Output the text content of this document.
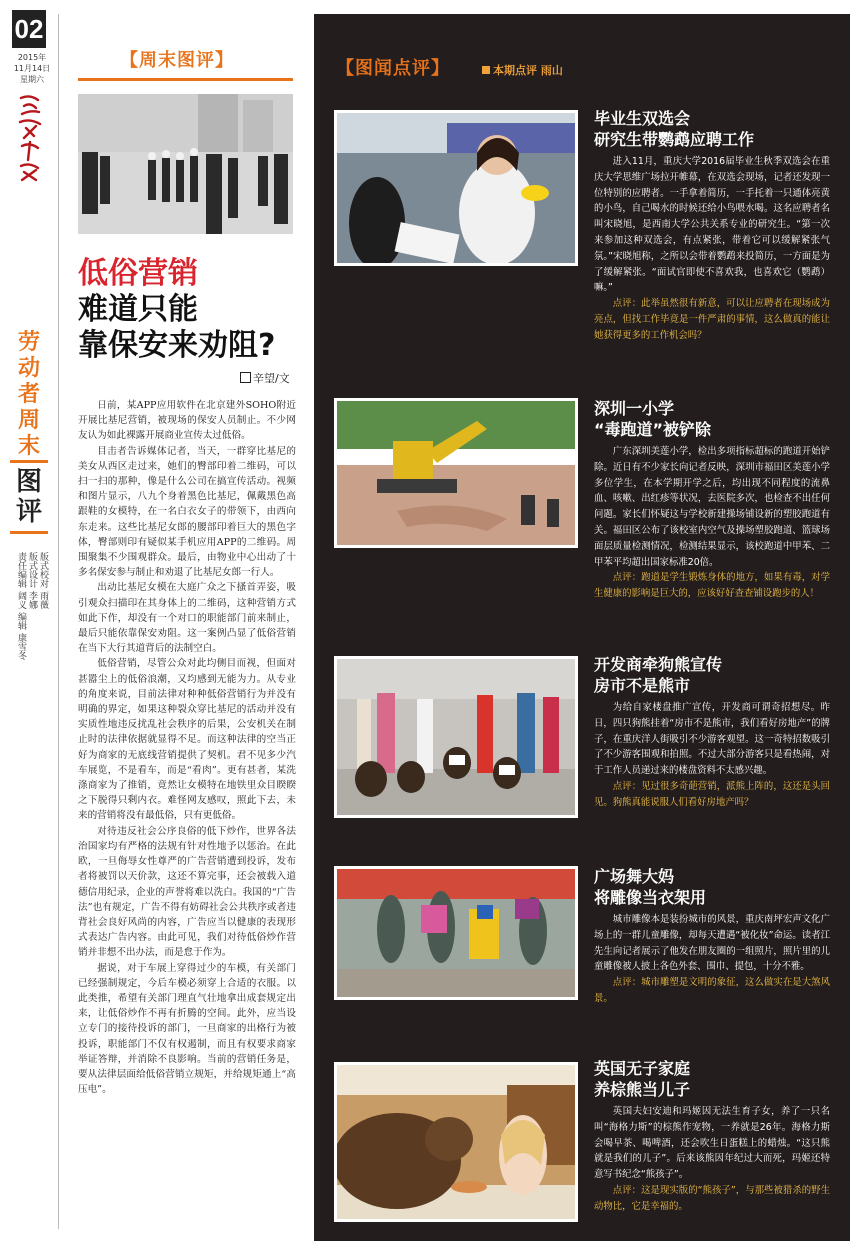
02
2015年
11月14日
星期六
劳动者周末
图
评
版式校对 雨薇
版式设计 李娜
责任编辑 阔义
编辑 康雪冬
【周末图评】
低俗营销
难道只能
靠保安来劝阻?
辛望/文

日前，某APP应用软件在北京建外SOHO附近开展比基尼营销，被现场的保安人员制止。不少网友认为如此裸露开展商业宣传太过低俗。

目击者告诉媒体记者，当天，一群穿比基尼的美女从西区走过来，她们的臀部印着二维码，可以扫一扫的那种，像是什么公司在搞宣传活动。视频和图片显示，八九个身着黑色比基尼，佩戴黑色高跟鞋的女模特，在一名白衣女子的带领下，由西向东走来。这些比基尼女郎的腰部印着巨大的黑色字体，臀部则印有疑似某手机应用APP的二维码。周围聚集不少围观群众。最后，由物业中心出动了十多名保安参与制止和劝退了比基尼女郎一行人。

出动比基尼女模在大庭广众之下搔首弄姿，吸引观众扫描印在其身体上的二维码，这种营销方式如此下作，却没有一个对口的职能部门前来制止，最后只能依靠保安劝阻。这一案例凸显了低俗营销在当下大行其道背后的法制空白。

低俗营销，尽管公众对此均侧目而视，但面对甚嚣尘上的低俗浪潮，又均感到无能为力。从专业的角度来说，目前法律对种种低俗营销行为并没有明确的界定，如果这种裂众穿比基尼的活动并没有实质性地违反扰乱社会秩序的后果，公安机关在制止时的法律依据就显得不足。而这种法律的空当正好为商家的无底线营销提供了契机。君不见多少汽车展览，不是看车，而是“看肉”。更有甚者，某洗涤商家为了推销，竟然让女模特在地铁里众目睽睽之下脱得只剩内衣。难怪网友感叹，照此下去，未来的营销将没有最低俗，只有更低俗。

对待违反社会公序良俗的低下炒作，世界各法治国家均有严格的法规有针对性地予以惩治。在此欧，一旦侮辱女性尊严的广告营销遭到投诉，发布者将被罚以天价款，这还不算完事，还会被载入道德信用纪录，企业的声誉将难以洗白。我国的“广告法”也有规定，广告不得有妨碍社会公共秩序或者违背社会良好风尚的内容，广告应当以健康的表现形式表达广告内容。由此可见，我们对待低俗炒作营销并非想不出办法，而是怠于作为。

据说，对于车展上穿得过少的车模，有关部门已经强制规定，今后车模必须穿上合适的衣服。以此类推，希望有关部门理直气壮地拿出成套规定出来，让低俗炒作不再有折腾的空间。此外，应当设立专门的接待投诉的部门，一旦商家的出格行为被投诉，职能部门不仅有权遏制，而且有权要求商家举证答辩，并消除不良影响。当前的营销任务是，要从法律层面给低俗营销立规矩，并给规矩通上“高压电”。

【图闻点评】	本期点评 雨山
毕业生双选会
研究生带鹦鹉应聘工作

进入11月，重庆大学2016届毕业生秋季双选会在重庆大学思维广场拉开帷幕，在双选会现场，记者还发现一位特别的应聘者。一手拿着简历，一手托着一只通体亮黄的小鸟，自己喝水的时候还给小鸟喂水喝。这名应聘者名叫宋晓旭，是西南大学公共关系专业的研究生。“第一次来参加这种双选会，有点紧张，带着它可以缓解紧张气氛。”宋晓旭称，之所以会带着鹦鹉来投简历，一方面是为了缓解紧张。“面试官即使不喜欢我，也喜欢它（鹦鹉）嘛。”

点评：此举虽然很有新意，可以让应聘者在现场成为亮点，但找工作毕竟是一件严肃的事情，这么做真的能让她获得更多的工作机会吗？

深圳一小学
“毒跑道”被铲除

广东深圳美莲小学，检出多项指标超标的跑道开始铲除。近日有不少家长向记者反映，深圳市福田区美莲小学多位学生，在本学期开学之后，均出现不同程度的流鼻血、咳嗽、出红疹等状况，去医院多次，也检查不出任何问题。家长们怀疑这与学校新建操场铺设新的塑胶跑道有关。福田区公布了该校室内空气及操场塑胶跑道、篮球场面层质量检测情况，检测结果显示，该校跑道中甲苯、二甲苯平均超出国家标准20倍。

点评：跑道是学生锻炼身体的地方，如果有毒，对学生健康的影响是巨大的，应该好好查查铺设跑步的人！

开发商牵狗熊宣传
房市不是熊市

为给自家楼盘推广宣传，开发商可谓奇招想尽。昨日，四只狗熊挂着“房市不是熊市，我们看好房地产”的牌子，在重庆洋人街吸引不少游客观望。这一奇特招数吸引了不少游客围观和拍照。不过大部分游客只是看热闹，对于工作人员递过来的楼盘资料不太感兴趣。

点评：见过很多奇葩营销，派熊上阵的，这还是头回见。狗熊真能说服人们看好房地产吗？

广场舞大妈
将雕像当衣架用

城市雕像本是装扮城市的风景，重庆南坪宏声文化广场上的一群儿童雕像，却每天遭遇“被化妆”命运。读者江先生向记者展示了他发在朋友圈的一组照片，照片里的儿童雕像被人披上各色外套、围巾、提包，十分不雅。

点评：城市雕塑是文明的象征，这么做实在是大煞风景。

英国无子家庭
养棕熊当儿子

英国夫妇安迪和玛姬因无法生育子女，养了一只名叫“海格力斯”的棕熊作宠物，一养就是26年。海格力斯会喝早茶、喝啤酒，还会吹生日蛋糕上的蜡烛。“这只熊就是我们的儿子”。后来该熊因年纪过大而死，玛姬还特意写书纪念“熊孩子”。

点评：这是现实版的“熊孩子”，与那些被猎杀的野生动物比，它是幸福的。
